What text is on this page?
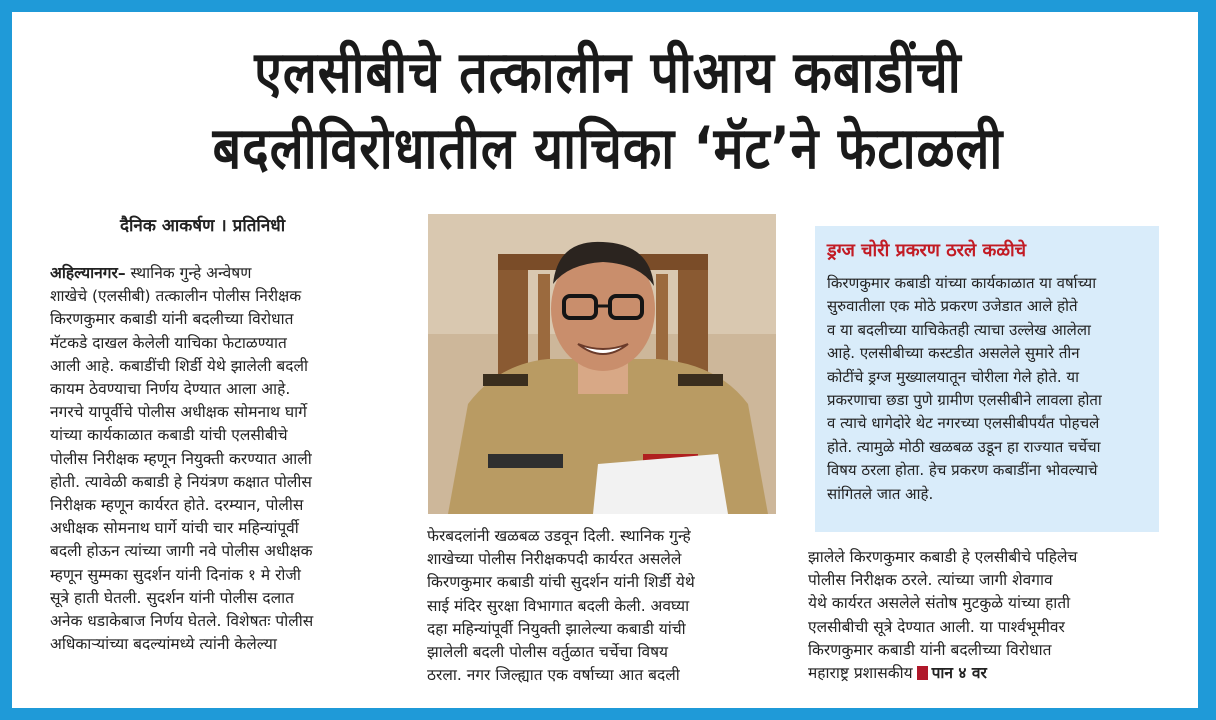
एलसीबीचे तत्कालीन पीआय कबाडींची
बदलीविरोधातील याचिका ‘मॅट’ने फेटाळली
दैनिक आकर्षण । प्रतिनिधी
अहिल्यानगर– स्थानिक गुन्हे अन्वेषण
शाखेचे (एलसीबी) तत्कालीन पोलीस निरीक्षक
किरणकुमार कबाडी यांनी बदलीच्या विरोधात
मॅटकडे दाखल केलेली याचिका फेटाळण्यात
आली आहे. कबाडींची शिर्डी येथे झालेली बदली
कायम ठेवण्याचा निर्णय देण्यात आला आहे.
नगरचे यापूर्वीचे पोलीस अधीक्षक सोमनाथ घार्गे
यांच्या कार्यकाळात कबाडी यांची एलसीबीचे
पोलीस निरीक्षक म्हणून नियुक्ती करण्यात आली
होती. त्यावेळी कबाडी हे नियंत्रण कक्षात पोलीस
निरीक्षक म्हणून कार्यरत होते. दरम्यान, पोलीस
अधीक्षक सोमनाथ घार्गे यांची चार महिन्यांपूर्वी
बदली होऊन त्यांच्या जागी नवे पोलीस अधीक्षक
म्हणून सुम्मका सुदर्शन यांनी दिनांक १ मे रोजी
सूत्रे हाती घेतली. सुदर्शन यांनी पोलीस दलात
अनेक धडाकेबाज निर्णय घेतले. विशेषतः पोलीस
अधिकाऱ्यांच्या बदल्यांमध्ये त्यांनी केलेल्या
फेरबदलांनी खळबळ उडवून दिली. स्थानिक गुन्हे
शाखेच्या पोलीस निरीक्षकपदी कार्यरत असलेले
किरणकुमार कबाडी यांची सुदर्शन यांनी शिर्डी येथे
साई मंदिर सुरक्षा विभागात बदली केली. अवघ्या
दहा महिन्यांपूर्वी नियुक्ती झालेल्या कबाडी यांची
झालेली बदली पोलीस वर्तुळात चर्चेचा विषय
ठरला. नगर जिल्ह्यात एक वर्षाच्या आत बदली
ड्रग्ज चोरी प्रकरण ठरले कळीचे
किरणकुमार कबाडी यांच्या कार्यकाळात या वर्षाच्या
सुरुवातीला एक मोठे प्रकरण उजेडात आले होते
व या बदलीच्या याचिकेतही त्याचा उल्लेख आलेला
आहे. एलसीबीच्या कस्टडीत असलेले सुमारे तीन
कोटींचे ड्रग्ज मुख्यालयातून चोरीला गेले होते. या
प्रकरणाचा छडा पुणे ग्रामीण एलसीबीने लावला होता
व त्याचे धागेदोरे थेट नगरच्या एलसीबीपर्यंत पोहचले
होते. त्यामुळे मोठी खळबळ उडून हा राज्यात चर्चेचा
विषय ठरला होता. हेच प्रकरण कबाडींना भोवल्याचे
सांगितले जात आहे.
झालेले किरणकुमार कबाडी हे एलसीबीचे पहिलेच
पोलीस निरीक्षक ठरले. त्यांच्या जागी शेवगाव
येथे कार्यरत असलेले संतोष मुटकुळे यांच्या हाती
एलसीबीची सूत्रे देण्यात आली. या पार्श्वभूमीवर
किरणकुमार कबाडी यांनी बदलीच्या विरोधात
महाराष्ट्र प्रशासकीय पान ४ वर
